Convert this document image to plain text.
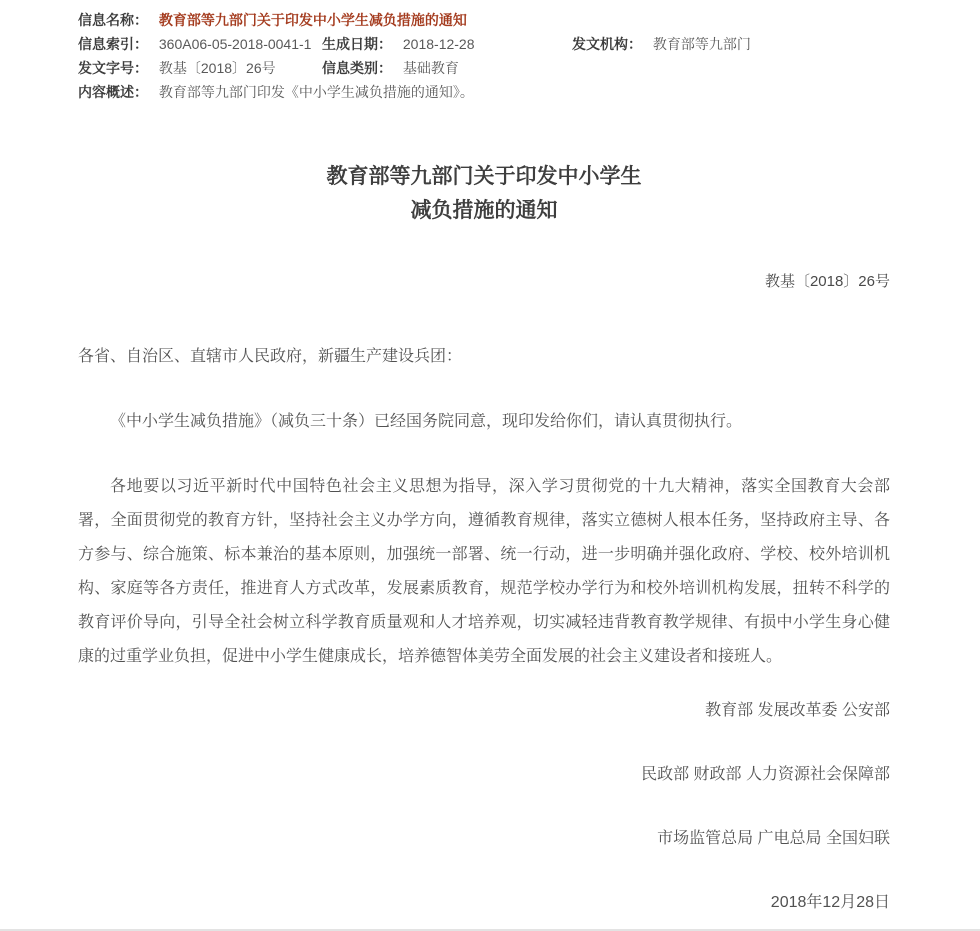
信息名称： 教育部等九部门关于印发中小学生减负措施的通知
信息索引： 360A06-05-2018-0041-1 生成日期： 2018-12-28	发文机构： 教育部等九部门
发文字号： 教基〔2018〕26号	信息类别： 基础教育
内容概述： 教育部等九部门印发《中小学生减负措施的通知》。
教育部等九部门关于印发中小学生
减负措施的通知

教基〔2018〕26号

各省、自治区、直辖市人民政府，新疆生产建设兵团：

《中小学生减负措施》（减负三十条）已经国务院同意，现印发给你们，请认真贯彻执行。

各地要以习近平新时代中国特色社会主义思想为指导，深入学习贯彻党的十九大精神，落实全国教育大会部署，全面贯彻党的教育方针，坚持社会主义办学方向，遵循教育规律，落实立德树人根本任务，坚持政府主导、各方参与、综合施策、标本兼治的基本原则，加强统一部署、统一行动，进一步明确并强化政府、学校、校外培训机构、家庭等各方责任，推进育人方式改革，发展素质教育，规范学校办学行为和校外培训机构发展，扭转不科学的教育评价导向，引导全社会树立科学教育质量观和人才培养观，切实减轻违背教育教学规律、有损中小学生身心健康的过重学业负担，促进中小学生健康成长，培养德智体美劳全面发展的社会主义建设者和接班人。

教育部 发展改革委 公安部

民政部 财政部 人力资源社会保障部

市场监管总局 广电总局 全国妇联

2018年12月28日
